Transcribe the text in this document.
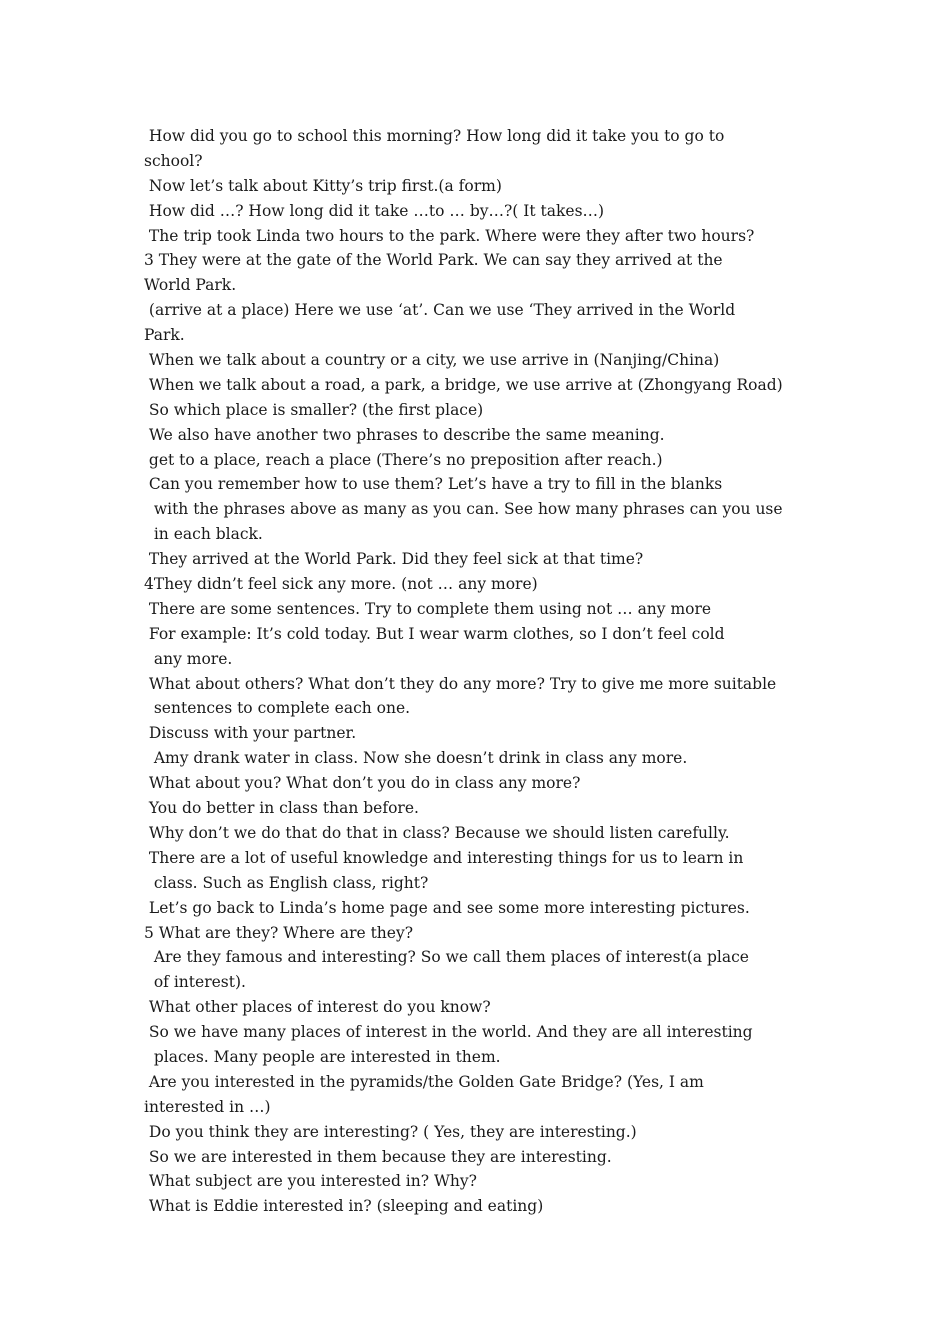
How did you go to school this morning? How long did it take you to go to
school?
Now let’s talk about Kitty’s trip first.(a form)
How did …? How long did it take …to … by…?( It takes…)
The trip took Linda two hours to the park. Where were they after two hours?
3 They were at the gate of the World Park. We can say they arrived at the
World Park.
(arrive at a place) Here we use ‘at’. Can we use ‘They arrived in the World
Park.
When we talk about a country or a city, we use arrive in (Nanjing/China)
When we talk about a road, a park, a bridge, we use arrive at (Zhongyang Road)
So which place is smaller? (the first place)
We also have another two phrases to describe the same meaning.
get to a place, reach a place (There’s no preposition after reach.)
Can you remember how to use them? Let’s have a try to fill in the blanks
with the phrases above as many as you can. See how many phrases can you use
in each black.
They arrived at the World Park. Did they feel sick at that time?
4They didn’t feel sick any more. (not … any more)
There are some sentences. Try to complete them using not … any more
For example: It’s cold today. But I wear warm clothes, so I don’t feel cold
any more.
What about others? What don’t they do any more? Try to give me more suitable
sentences to complete each one.
Discuss with your partner.
Amy drank water in class. Now she doesn’t drink in class any more.
What about you? What don’t you do in class any more?
You do better in class than before.
Why don’t we do that do that in class? Because we should listen carefully.
There are a lot of useful knowledge and interesting things for us to learn in
class. Such as English class, right?
Let’s go back to Linda’s home page and see some more interesting pictures.
5 What are they? Where are they?
Are they famous and interesting? So we call them places of interest(a place
of interest).
What other places of interest do you know?
So we have many places of interest in the world. And they are all interesting
places. Many people are interested in them.
Are you interested in the pyramids/the Golden Gate Bridge? (Yes, I am
interested in …)
Do you think they are interesting? ( Yes, they are interesting.)
So we are interested in them because they are interesting.
What subject are you interested in? Why?
What is Eddie interested in? (sleeping and eating)
